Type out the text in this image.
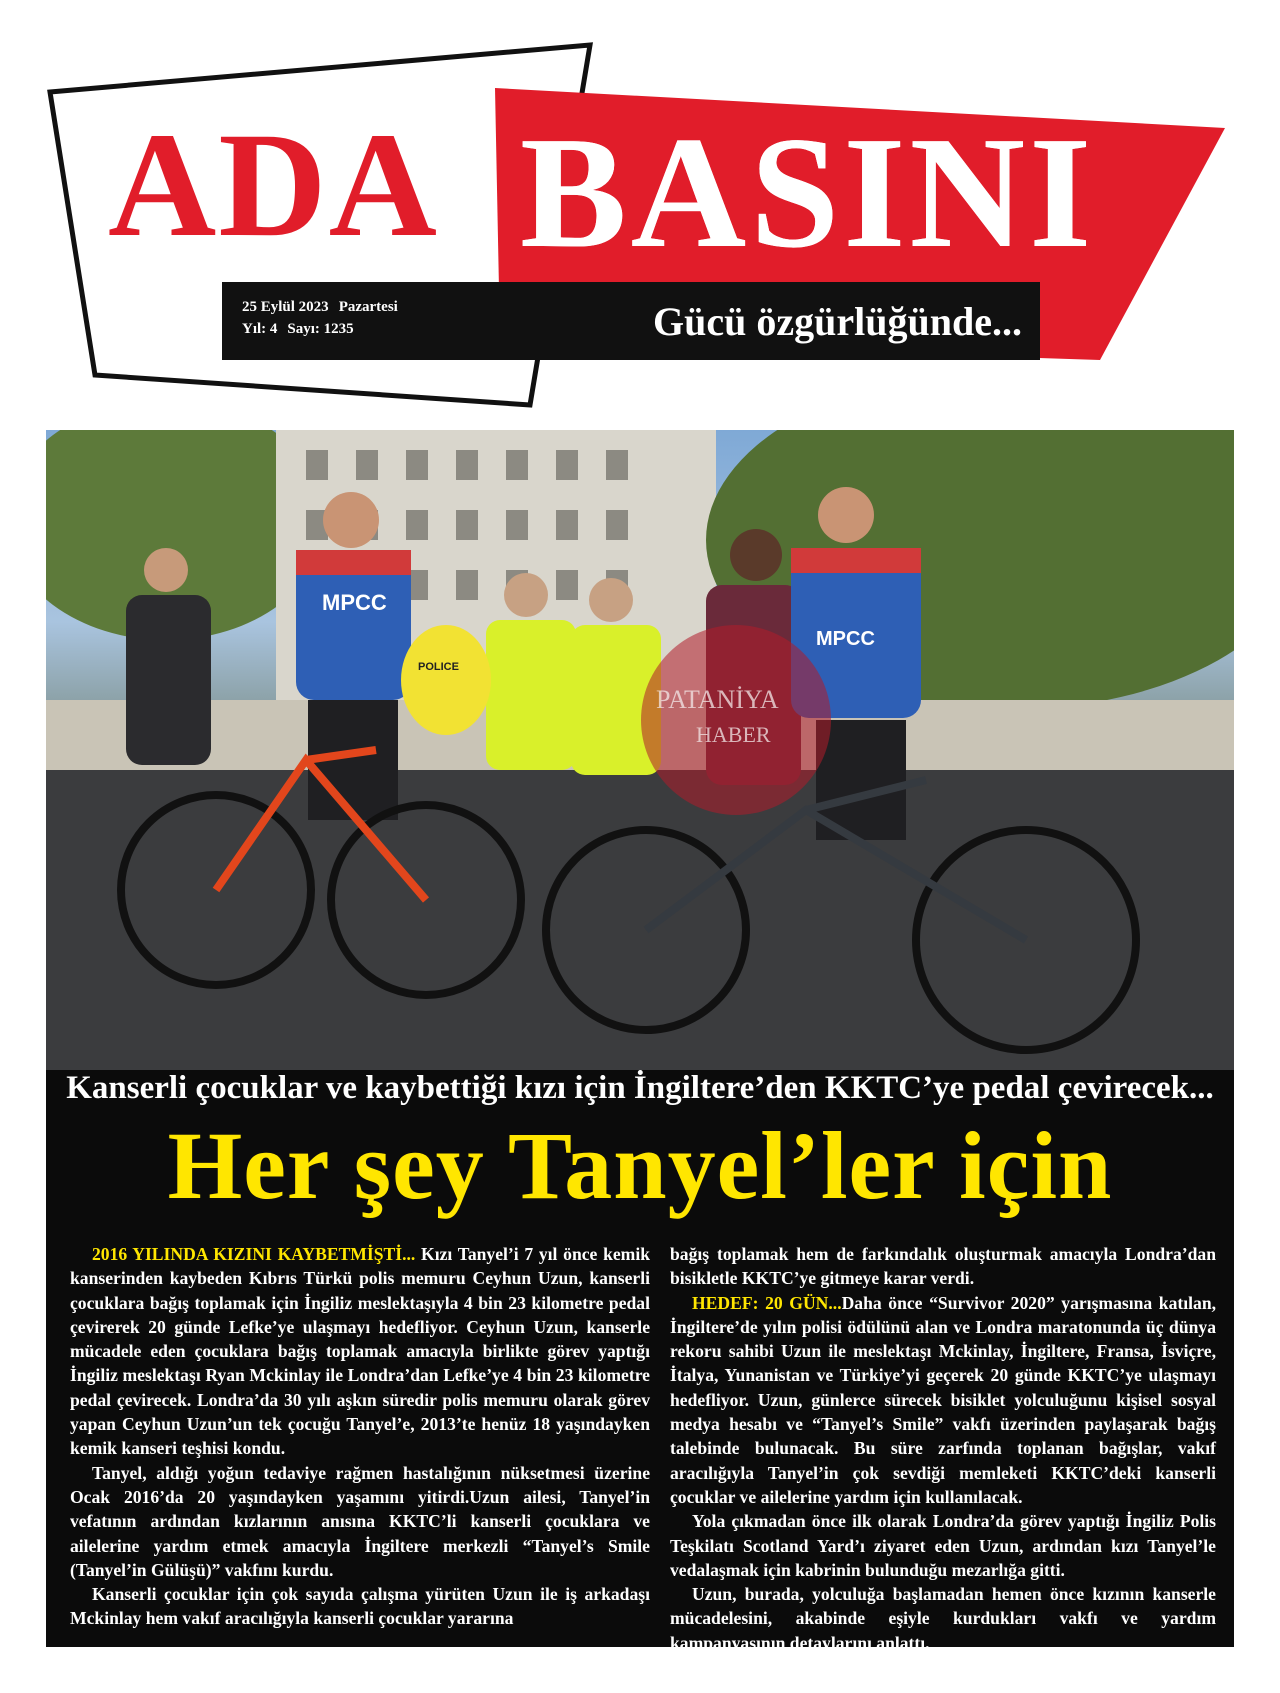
ADA BASINI
25 Eylül 2023 Pazartesi
Yıl: 4 Sayı: 1235	Gücü özgürlüğünde...
MPCC
MPCC
POLICE
PATANİYA
HABER
Kanserli çocuklar ve kaybettiği kızı için İngiltere’den KKTC’ye pedal çevirecek...
Her şey Tanyel’ler için

2016 YILINDA KIZINI KAYBETMİŞTİ... Kızı Tanyel’i 7 yıl önce kemik kanserinden kaybeden Kıbrıs Türkü polis memuru Ceyhun Uzun, kanserli çocuklara bağış toplamak için İngiliz meslektaşıyla 4 bin 23 kilometre pedal çevirerek 20 günde Lefke’ye ulaşmayı hedefliyor. Ceyhun Uzun, kanserle mücadele eden çocuklara bağış toplamak amacıyla birlikte görev yaptığı İngiliz meslektaşı Ryan Mckinlay ile Londra’dan Lefke’ye 4 bin 23 kilometre pedal çevirecek. Londra’da 30 yılı aşkın süredir polis memuru olarak görev yapan Ceyhun Uzun’un tek çocuğu Tanyel’e, 2013’te henüz 18 yaşındayken kemik kanseri teşhisi kondu.

Tanyel, aldığı yoğun tedaviye rağmen hastalığının nüksetmesi üzerine Ocak 2016’da 20 yaşındayken yaşamını yitirdi.Uzun ailesi, Tanyel’in vefatının ardından kızlarının anısına KKTC’li kanserli çocuklara ve ailelerine yardım etmek amacıyla İngiltere merkezli “Tanyel’s Smile (Tanyel’in Gülüşü)” vakfını kurdu.

Kanserli çocuklar için çok sayıda çalışma yürüten Uzun ile iş arkadaşı Mckinlay hem vakıf aracılığıyla kanserli çocuklar yararına

bağış toplamak hem de farkındalık oluşturmak amacıyla Londra’dan bisikletle KKTC’ye gitmeye karar verdi.

HEDEF: 20 GÜN...Daha önce “Survivor 2020” yarışmasına katılan, İngiltere’de yılın polisi ödülünü alan ve Londra maratonunda üç dünya rekoru sahibi Uzun ile meslektaşı Mckinlay, İngiltere, Fransa, İsviçre, İtalya, Yunanistan ve Türkiye’yi geçerek 20 günde KKTC’ye ulaşmayı hedefliyor. Uzun, günlerce sürecek bisiklet yolculuğunu kişisel sosyal medya hesabı ve “Tanyel’s Smile” vakfı üzerinden paylaşarak bağış talebinde bulunacak. Bu süre zarfında toplanan bağışlar, vakıf aracılığıyla Tanyel’in çok sevdiği memleketi KKTC’deki kanserli çocuklar ve ailelerine yardım için kullanılacak.

Yola çıkmadan önce ilk olarak Londra’da görev yaptığı İngiliz Polis Teşkilatı Scotland Yard’ı ziyaret eden Uzun, ardından kızı Tanyel’le vedalaşmak için kabrinin bulunduğu mezarlığa gitti.

Uzun, burada, yolculuğa başlamadan hemen önce kızının kanserle mücadelesini, akabinde eşiyle kurdukları vakfı ve yardım kampanyasının detaylarını anlattı.
